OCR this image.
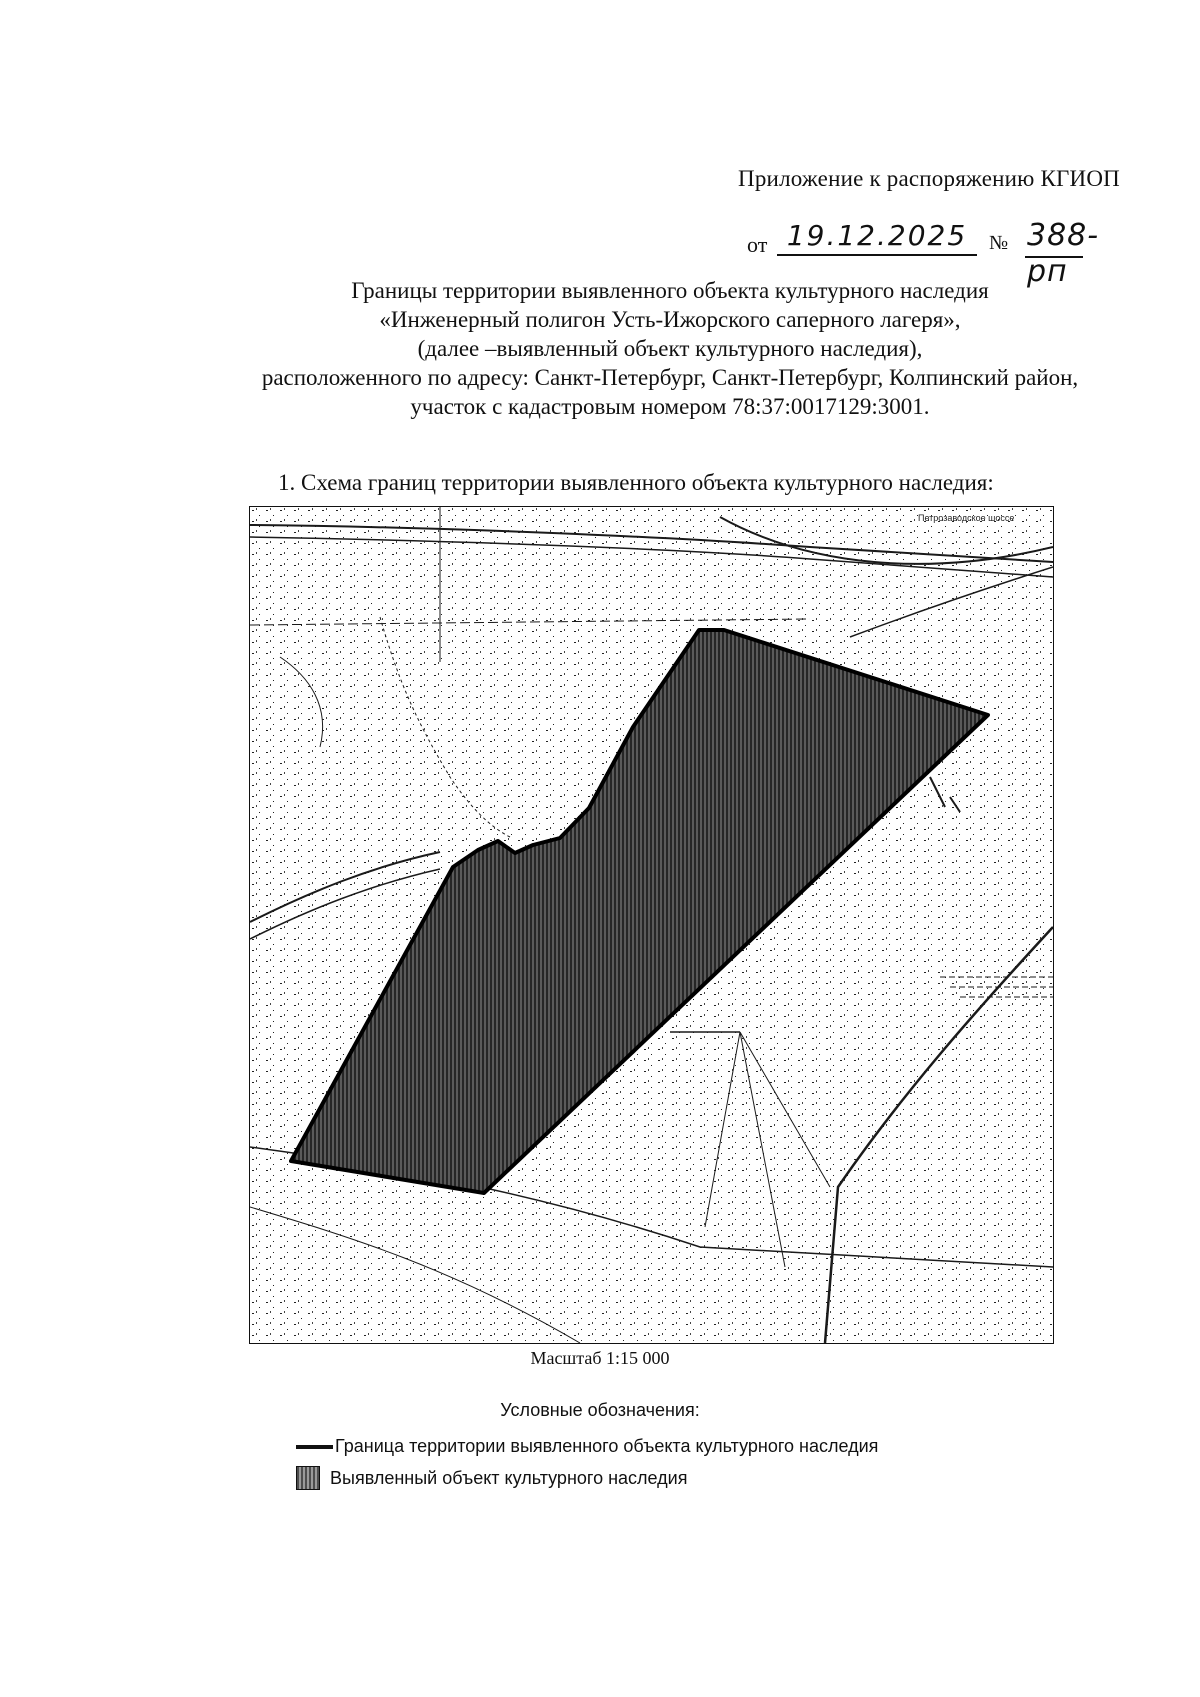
Приложение к распоряжению КГИОП
от 19.12.2025	№ 388-рп
Границы территории выявленного объекта культурного наследия
«Инженерный полигон Усть-Ижорского саперного лагеря»,
(далее –выявленный объект культурного наследия),
расположенного по адресу: Санкт-Петербург, Санкт-Петербург, Колпинский район,
участок с кадастровым номером 78:37:0017129:3001.
1. Схема границ территории выявленного объекта культурного наследия:
Петрозаводское шоссе
Масштаб 1:15 000
Условные обозначения:
Граница территории выявленного объекта культурного наследия
Выявленный объект культурного наследия
